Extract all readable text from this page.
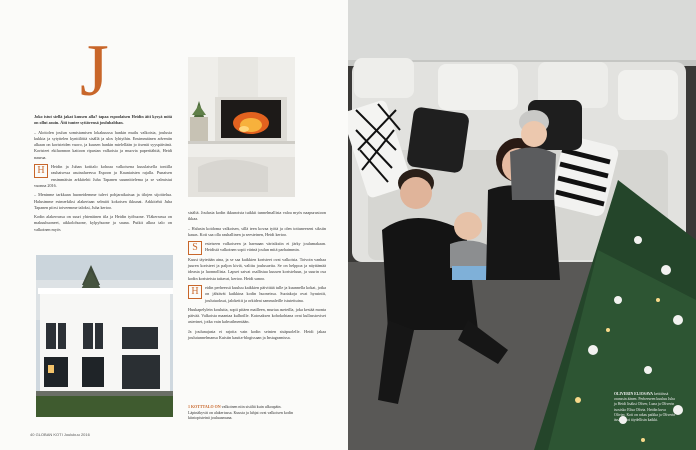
J

Joko istut siellä jakat kuusen alla? tapaa espoolaisen Heidin äiti kysyä mitä on ollut asuin. Äiti tuntee sytiävensä joulubabban.

– Aloitolen joulun somistamisen lokakuussa hankin muilu valkoisia, joulusia kukkia ja sytyttelen kynttilöitä sisällä ja ulos lyhtyihin. Ensimmäinen adventin alkaan on koristeiden vuoro, ja kuusen hankin mielellään jo itsenäi syyspäivänä. Koristeet ekiluonnon kattoon ripustan valkoisia ja muovia paperitähtiä, Heidi naurua.

H	Heidin ja Juhan kotitalo kohoaa valkoisena kuuslaisella tontilla rauhaisessa asuinalueessa Espoon ja Kauniaisten rajalla. Punaisen ensimmäisin arkkitehti Juha Tapanen suunnittelema ja se valmistui vuonna 2016.

– Meninme tarkkaan huoneidemme tulevi pohjaratkaisua ja tilojen sijoittelua. Halusimme esimerkiksi alakertaan selmiöi kokoisen ikkunat. Arkkitehti Juha Tapanen piirsi toiveemme taloksi, Juha kertoo.

Kodin alakerrassa on suuri yhtenäinen tila ja Heidin työhuone. Yläkerrassa on makuuhuoneet, aikkolohuone, kylpyhuone ja sauna. Putkit alkoa talo on valkoinen myös

sisältä. Joulusia kodin ikkunoista tuikkii tunnelmallista valoa myös naapurustoon ikkaa.

– Halusin koidoma valkoisen, sillä teen kovaa työtä ja olen tottuneeseni siksiin kauas. Koti saa olla rauhallinen ja seesteinen, Heidi kertoo.

S	esteiseen valkoiseen ja harmaan värisiksiin ei järky joulumakaan. Heidistä valkoinen sopii värinä joulun mitä parhaimmin.

Kuusi täytetään aina, ja se saa kaikkien koristeet ovat valkoisia. Toivoin vanhaa juuren koristeet ja paljon kiviä, valittu joulusaeita. Se on helppoa ja näyttämää ideasta ja luonnollista. Lapset saivat osallistua kuusen koristeluun, ja suurin osa kodin koristeista taitavat, kertoo. Heidi sanoo.

H	eidin perheessä kuuluu kaikkien päivittää tulle ja kuunnella kokat, jotka on jähtävät kaikkina kodin huoneissa. Suotakoja ovat hyasintit, joulutuoksut, jalokettit ja orkideat sammaleille istutettuina.

Huukapelylein koulutta, sopii pitäen mailleen, murtaa aseteilla, joka kestää monta päivää. Valkoista maantaa kulhoille. Katosaksen kohokohtana ovat kullasstoviset asterinet, jotka vain kahvailmentään.

Ja joulunajasta ei rajoita vain kodin seinien sisäpuolelle. Heidi jakaa joulutunnelmansa Kuistin kautta-blogissaan ja Instagramissa.

1 KOTTTALO ON valkoinen niin sisältä kuin ulkoapäin. Läpinäkyvät on alakertassa. Kuusta ja lahjat ovat valkoisen kodin kiintopisteinä jouluaamuna.
40 GLOBAN KOTI Joulukuu 2016
OLIVERIN ELIOSAVA keittiössä oranssin äänen. Perheeseen kuuluu Juha ja Heidi lisäksi Oliver, Luna ja Oliverin isosisko Elisa Olivia. Heidin kuva Olivier. Koti on rakas paikka ja Oliverin ässä on toi täydellisin kaikki.
